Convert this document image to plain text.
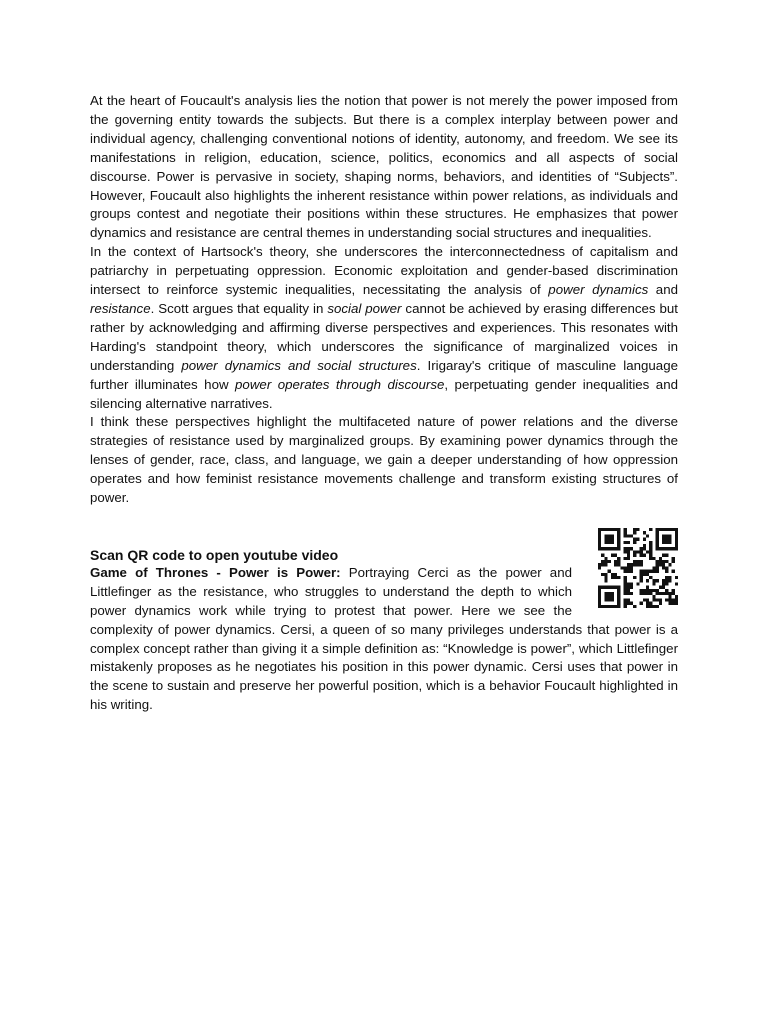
At the heart of Foucault's analysis lies the notion that power is not merely the power imposed from the governing entity towards the subjects. But there is a complex interplay between power and individual agency, challenging conventional notions of identity, autonomy, and freedom. We see its manifestations in religion, education, science, politics, economics and all aspects of social discourse. Power is pervasive in society, shaping norms, behaviors, and identities of “Subjects”. However, Foucault also highlights the inherent resistance within power relations, as individuals and groups contest and negotiate their positions within these structures. He emphasizes that power dynamics and resistance are central themes in understanding social structures and inequalities.

In the context of Hartsock's theory, she underscores the interconnectedness of capitalism and patriarchy in perpetuating oppression. Economic exploitation and gender-based discrimination intersect to reinforce systemic inequalities, necessitating the analysis of power dynamics and resistance. Scott argues that equality in social power cannot be achieved by erasing differences but rather by acknowledging and affirming diverse perspectives and experiences. This resonates with Harding's standpoint theory, which underscores the significance of marginalized voices in understanding power dynamics and social structures. Irigaray's critique of masculine language further illuminates how power operates through discourse, perpetuating gender inequalities and silencing alternative narratives.

I think these perspectives highlight the multifaceted nature of power relations and the diverse strategies of resistance used by marginalized groups. By examining power dynamics through the lenses of gender, race, class, and language, we gain a deeper understanding of how oppression operates and how feminist resistance movements challenge and transform existing structures of power.

Scan QR code to open youtube video

Game of Thrones - Power is Power: Portraying Cerci as the power and Littlefinger as the resistance, who struggles to understand the depth to which power dynamics work while trying to protest that power. Here we see the complexity of power dynamics. Cersi, a queen of so many privileges understands that power is a complex concept rather than giving it a simple definition as: “Knowledge is power”, which Littlefinger mistakenly proposes as he negotiates his position in this power dynamic. Cersi uses that power in the scene to sustain and preserve her powerful position, which is a behavior Foucault highlighted in his writing.
